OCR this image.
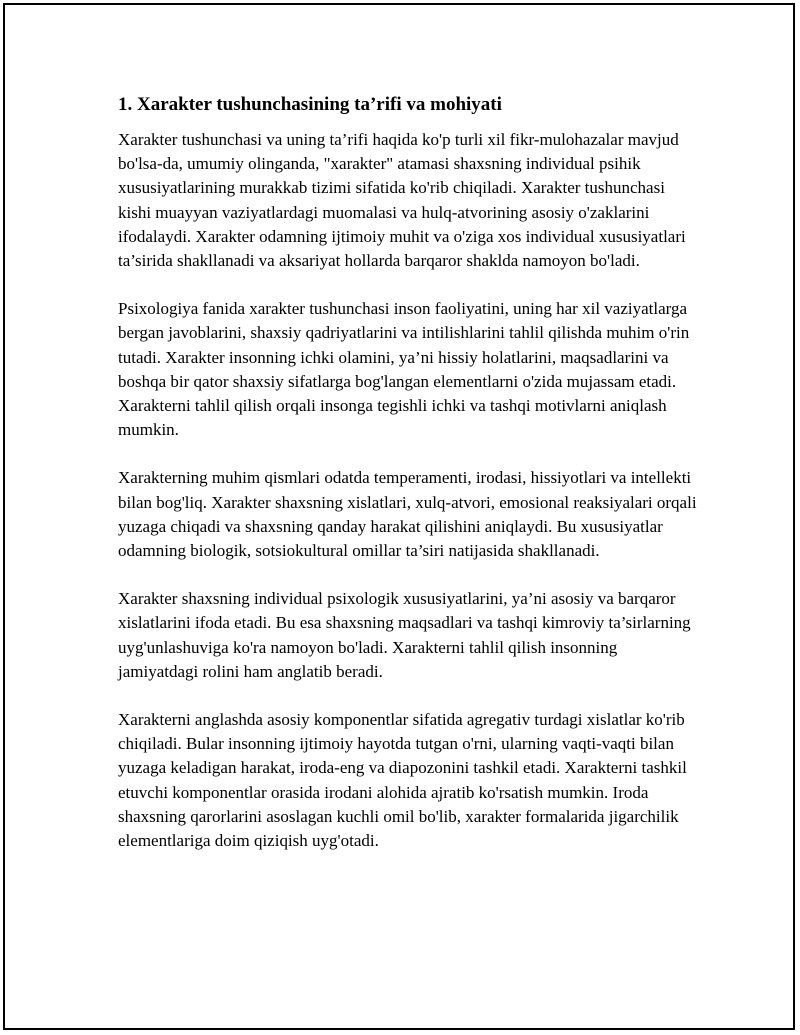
1. Xarakter tushunchasining ta’rifi va mohiyati

Xarakter tushunchasi va uning ta’rifi haqida ko'p turli xil fikr-mulohazalar mavjud bo'lsa-da, umumiy olinganda, "xarakter" atamasi shaxsning individual psihik xususiyatlarining murakkab tizimi sifatida ko'rib chiqiladi. Xarakter tushunchasi kishi muayyan vaziyatlardagi muomalasi va hulq-atvorining asosiy o'zaklarini ifodalaydi. Xarakter odamning ijtimoiy muhit va o'ziga xos individual xususiyatlari ta’sirida shakllanadi va aksariyat hollarda barqaror shaklda namoyon bo'ladi.

Psixologiya fanida xarakter tushunchasi inson faoliyatini, uning har xil vaziyatlarga bergan javoblarini, shaxsiy qadriyatlarini va intilishlarini tahlil qilishda muhim o'rin tutadi. Xarakter insonning ichki olamini, ya’ni hissiy holatlarini, maqsadlarini va boshqa bir qator shaxsiy sifatlarga bog'langan elementlarni o'zida mujassam etadi. Xarakterni tahlil qilish orqali insonga tegishli ichki va tashqi motivlarni aniqlash mumkin.

Xarakterning muhim qismlari odatda temperamenti, irodasi, hissiyotlari va intellekti bilan bog'liq. Xarakter shaxsning xislatlari, xulq-atvori, emosional reaksiyalari orqali yuzaga chiqadi va shaxsning qanday harakat qilishini aniqlaydi. Bu xususiyatlar odamning biologik, sotsiokultural omillar ta’siri natijasida shakllanadi.

Xarakter shaxsning individual psixologik xususiyatlarini, ya’ni asosiy va barqaror xislatlarini ifoda etadi. Bu esa shaxsning maqsadlari va tashqi kimroviy ta’sirlarning uyg'unlashuviga ko'ra namoyon bo'ladi. Xarakterni tahlil qilish insonning jamiyatdagi rolini ham anglatib beradi.

Xarakterni anglashda asosiy komponentlar sifatida agregativ turdagi xislatlar ko'rib chiqiladi. Bular insonning ijtimoiy hayotda tutgan o'rni, ularning vaqti-vaqti bilan yuzaga keladigan harakat, iroda-eng va diapozonini tashkil etadi. Xarakterni tashkil etuvchi komponentlar orasida irodani alohida ajratib ko'rsatish mumkin. Iroda shaxsning qarorlarini asoslagan kuchli omil bo'lib, xarakter formalarida jigarchilik elementlariga doim qiziqish uyg'otadi.
